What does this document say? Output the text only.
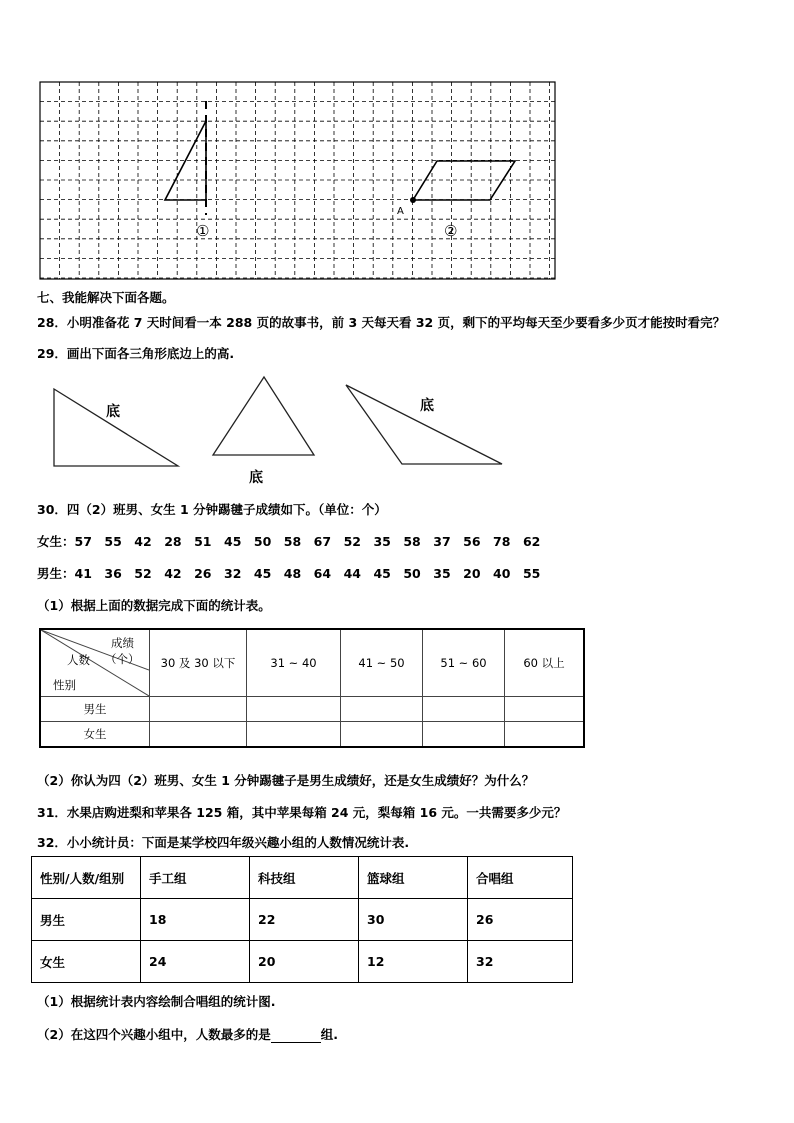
①
A
②
七、我能解决下面各题。
28．小明准备花 7 天时间看一本 288 页的故事书，前 3 天每天看 32 页，剩下的平均每天至少要看多少页才能按时看完？
29．画出下面各三角形底边上的高.
底
底
底
30．四（2）班男、女生 1 分钟踢毽子成绩如下。（单位：个）
女生：57　55　42　28　51　45　50　58　67　52　35　58　37　56　78　62
男生：41　36　52　42　26　32　45　48　64　44　45　50　35　20　40　55
（1）根据上面的数据完成下面的统计表。
成绩
（个）
人数
性别	30 及 30 以下	31 ~ 40	41 ~ 50	51 ~ 60	60 以上
男生					
女生					
（2）你认为四（2）班男、女生 1 分钟踢毽子是男生成绩好，还是女生成绩好？为什么？
31．水果店购进梨和苹果各 125 箱，其中苹果每箱 24 元，梨每箱 16 元。一共需要多少元？
32．小小统计员：下面是某学校四年级兴趣小组的人数情况统计表.
性别/人数/组别	手工组	科技组	篮球组	合唱组
男生	18	22	30	26
女生	24	20	12	32
（1）根据统计表内容绘制合唱组的统计图.
（2）在这四个兴趣小组中，人数最多的是	组.
